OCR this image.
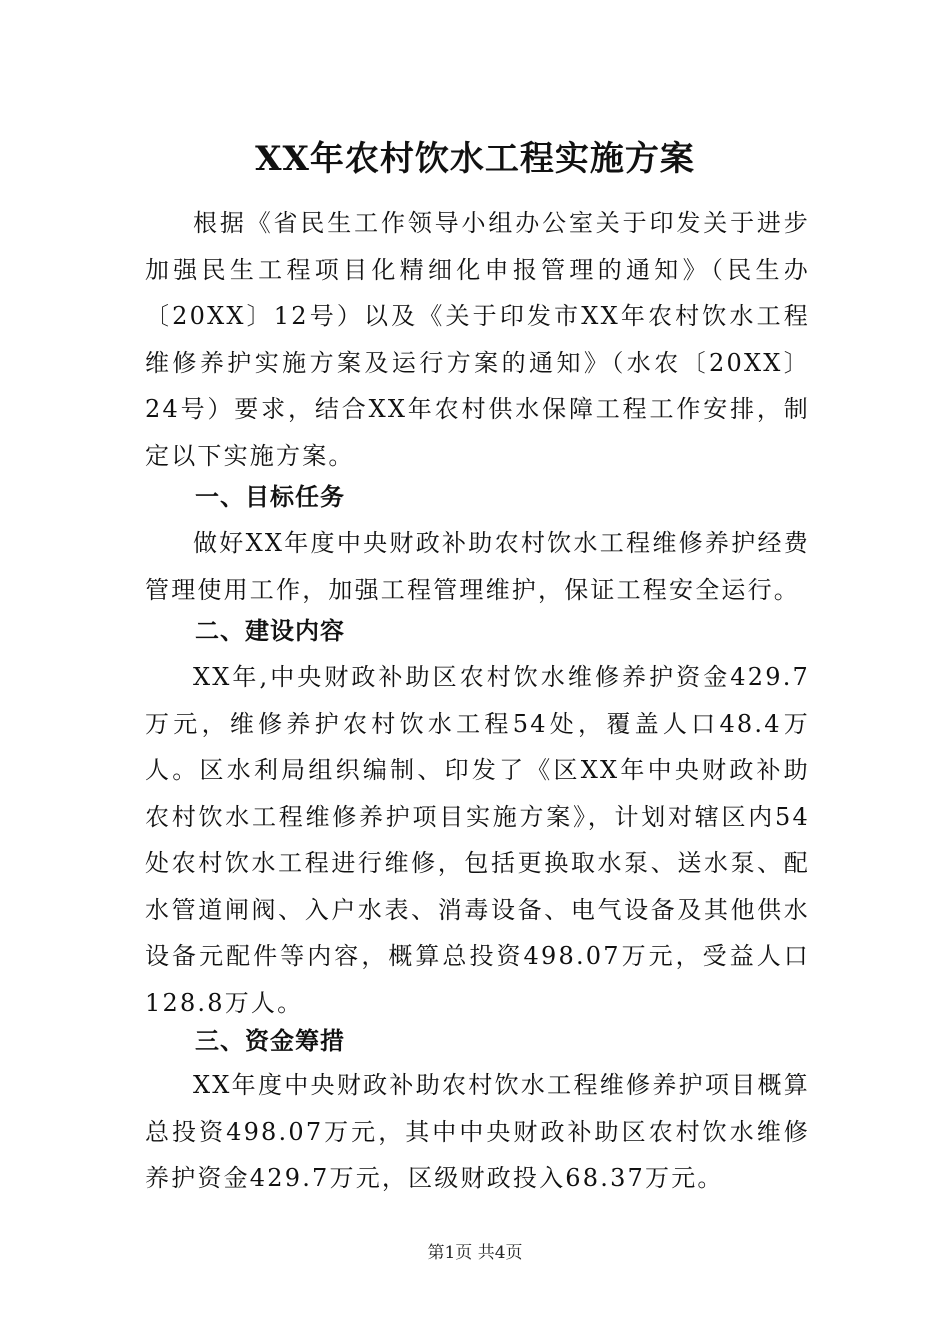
XX年农村饮水工程实施方案

根据《省民生工作领导小组办公室关于印发关于进步加强民生工程项目化精细化申报管理的通知》（民生办〔20XX〕12号）以及《关于印发市XX年农村饮水工程维修养护实施方案及运行方案的通知》（水农〔20XX〕24号）要求，结合XX年农村供水保障工程工作安排，制定以下实施方案。

一、目标任务

做好XX年度中央财政补助农村饮水工程维修养护经费管理使用工作，加强工程管理维护，保证工程安全运行。

二、建设内容

XX年,中央财政补助区农村饮水维修养护资金429.7万元，维修养护农村饮水工程54处，覆盖人口48.4万人。区水利局组织编制、印发了《区XX年中央财政补助农村饮水工程维修养护项目实施方案》，计划对辖区内54处农村饮水工程进行维修，包括更换取水泵、送水泵、配水管道闸阀、入户水表、消毒设备、电气设备及其他供水设备元配件等内容，概算总投资498.07万元，受益人口128.8万人。

三、资金筹措

XX年度中央财政补助农村饮水工程维修养护项目概算总投资498.07万元，其中中央财政补助区农村饮水维修养护资金429.7万元，区级财政投入68.37万元。

第1页 共4页
